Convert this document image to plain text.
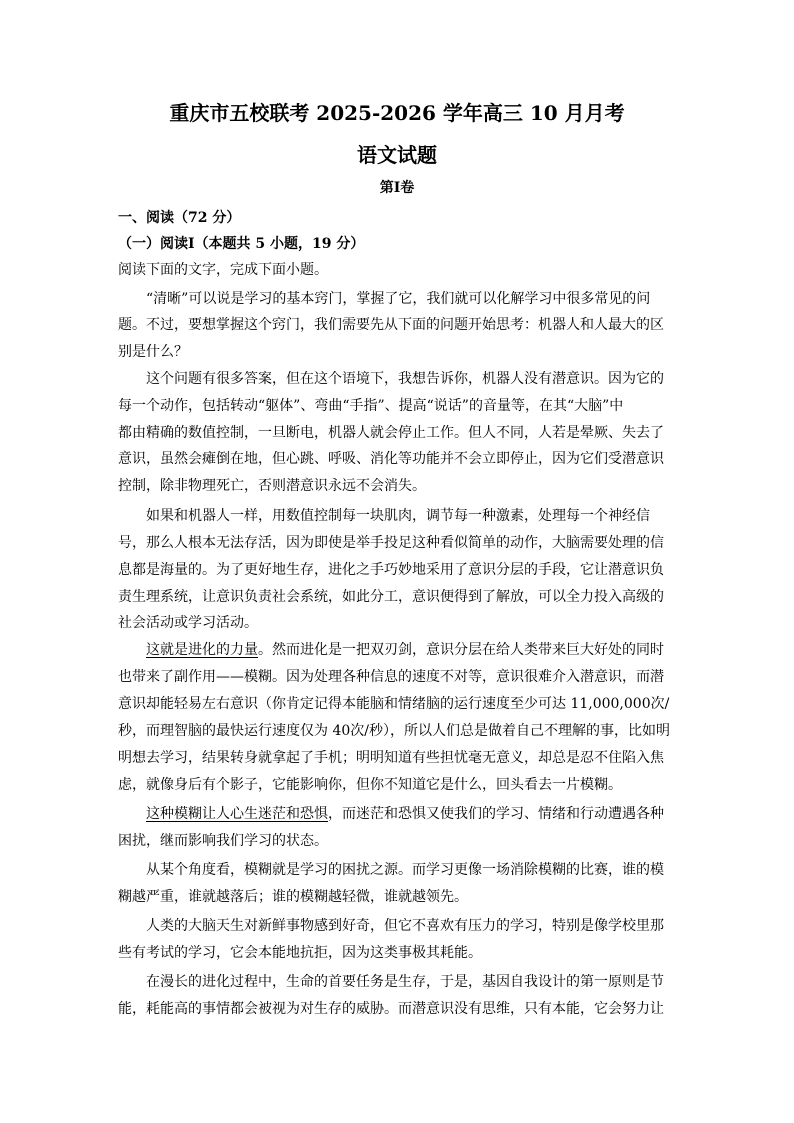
重庆市五校联考 2025-2026 学年高三 10 月月考
语文试题
第Ⅰ卷
一、阅读（72 分）
（一）阅读Ⅰ（本题共 5 小题，19 分）
阅读下面的文字，完成下面小题。
“清晰”可以说是学习的基本窍门，掌握了它，我们就可以化解学习中很多常见的问
题。不过，要想掌握这个窍门，我们需要先从下面的问题开始思考：机器人和人最大的区
别是什么？
这个问题有很多答案，但在这个语境下，我想告诉你，机器人没有潜意识。因为它的
每一个动作，包括转动“躯体”、弯曲“手指”、提高“说话”的音量等，在其“大脑”中
都由精确的数值控制，一旦断电，机器人就会停止工作。但人不同，人若是晕厥、失去了
意识，虽然会瘫倒在地，但心跳、呼吸、消化等功能并不会立即停止，因为它们受潜意识
控制，除非物理死亡，否则潜意识永远不会消失。
如果和机器人一样，用数值控制每一块肌肉，调节每一种激素，处理每一个神经信
号，那么人根本无法存活，因为即使是举手投足这种看似简单的动作，大脑需要处理的信
息都是海量的。为了更好地生存，进化之手巧妙地采用了意识分层的手段，它让潜意识负
责生理系统，让意识负责社会系统，如此分工，意识便得到了解放，可以全力投入高级的
社会活动或学习活动。
这就是进化的力量。然而进化是一把双刃剑，意识分层在给人类带来巨大好处的同时
也带来了副作用——模糊。因为处理各种信息的速度不对等，意识很难介入潜意识，而潜
意识却能轻易左右意识（你肯定记得本能脑和情绪脑的运行速度至少可达 11,000,000次/
秒，而理智脑的最快运行速度仅为 40次/秒），所以人们总是做着自己不理解的事，比如明
明想去学习，结果转身就拿起了手机；明明知道有些担忧毫无意义，却总是忍不住陷入焦
虑，就像身后有个影子，它能影响你，但你不知道它是什么，回头看去一片模糊。
这种模糊让人心生迷茫和恐惧，而迷茫和恐惧又使我们的学习、情绪和行动遭遇各种
困扰，继而影响我们学习的状态。
从某个角度看，模糊就是学习的困扰之源。而学习更像一场消除模糊的比赛，谁的模
糊越严重，谁就越落后；谁的模糊越轻微，谁就越领先。
人类的大脑天生对新鲜事物感到好奇，但它不喜欢有压力的学习，特别是像学校里那
些有考试的学习，它会本能地抗拒，因为这类事极其耗能。
在漫长的进化过程中，生命的首要任务是生存，于是，基因自我设计的第一原则是节
能，耗能高的事情都会被视为对生存的威胁。而潜意识没有思维，只有本能，它会努力让
